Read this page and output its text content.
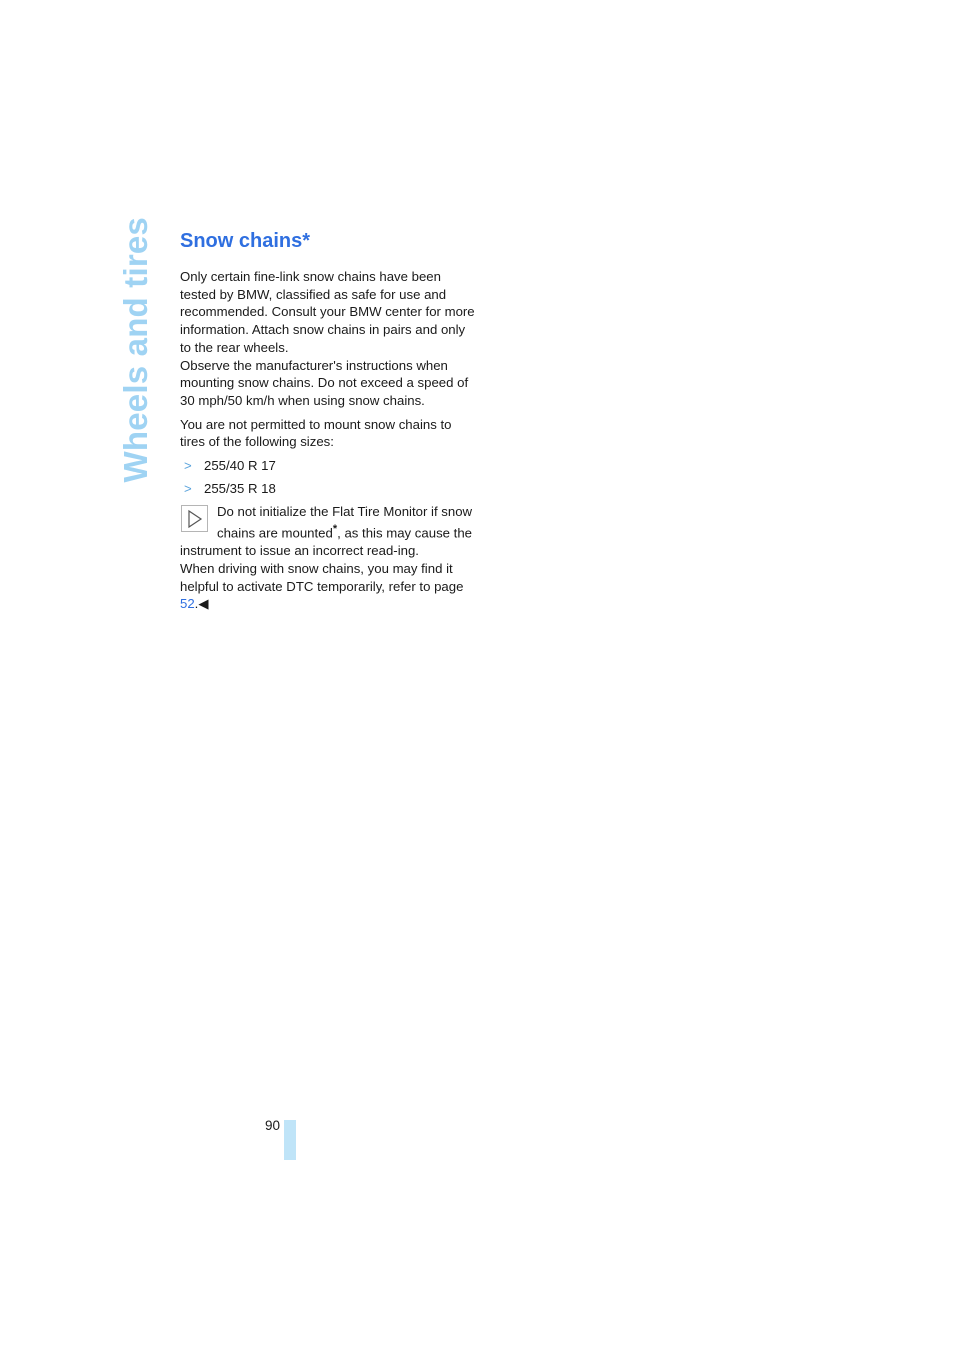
Wheels and tires Snow chains*

Only certain fine-link snow chains have been tested by BMW, classified as safe for use and recommended. Consult your BMW center for more information. Attach snow chains in pairs and only to the rear wheels.
Observe the manufacturer's instructions when mounting snow chains. Do not exceed a speed of 30 mph/50 km/h when using snow chains.

You are not permitted to mount snow chains to tires of the following sizes:

> 255/40 R 17
> 255/35 R 18

Do not initialize the Flat Tire Monitor if snow chains are mounted*, as this may cause the instrument to issue an incorrect read-ing.

When driving with snow chains, you may find it helpful to activate DTC temporarily, refer to page 52.◀

90
